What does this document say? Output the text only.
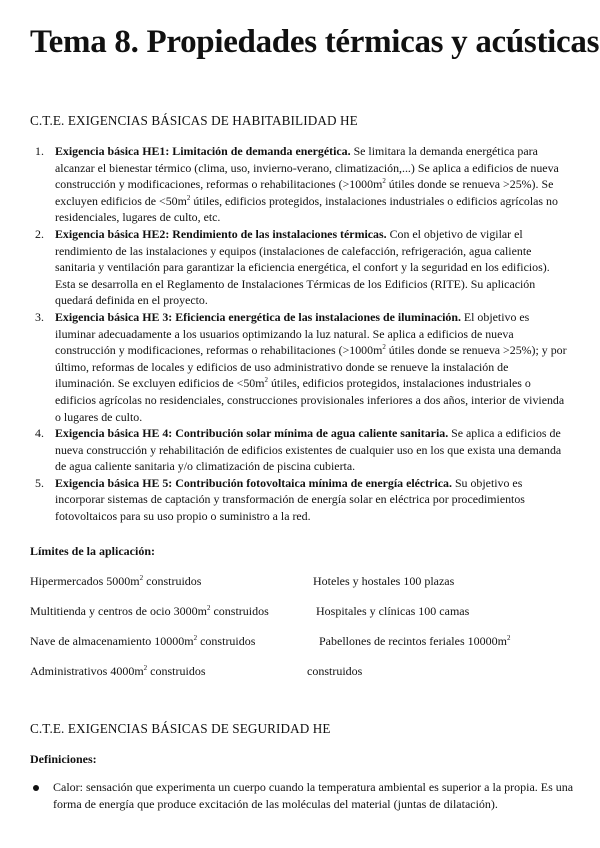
Tema 8. Propiedades térmicas y acústicas

C.T.E. EXIGENCIAS BÁSICAS DE HABITABILIDAD HE

1. Exigencia básica HE1: Limitación de demanda energética. Se limitara la demanda energética para alcanzar el bienestar térmico (clima, uso, invierno-verano, climatización,...) Se aplica a edificios de nueva construcción y modificaciones, reformas o rehabilitaciones ($>1000m^2$ útiles donde se renueva >25%). Se excluyen edificios de $<50m^2$ útiles, edificios protegidos, instalaciones industriales o edificios agrícolas no residenciales, lugares de culto, etc.
2. Exigencia básica HE2: Rendimiento de las instalaciones térmicas. Con el objetivo de vigilar el rendimiento de las instalaciones y equipos (instalaciones de calefacción, refrigeración, agua caliente sanitaria y ventilación para garantizar la eficiencia energética, el confort y la seguridad en los edificios). Esta se desarrolla en el Reglamento de Instalaciones Térmicas de los Edificios (RITE). Su aplicación quedará definida en el proyecto.
3. Exigencia básica HE 3: Eficiencia energética de las instalaciones de iluminación. El objetivo es iluminar adecuadamente a los usuarios optimizando la luz natural. Se aplica a edificios de nueva construcción y modificaciones, reformas o rehabilitaciones ($>1000m^2$ útiles donde se renueva >25%); y por último, reformas de locales y edificios de uso administrativo donde se renueve la instalación de iluminación. Se excluyen edificios de $<50m^2$ útiles, edificios protegidos, instalaciones industriales o edificios agrícolas no residenciales, construcciones provisionales inferiores a dos años, interior de vivienda o lugares de culto.
4. Exigencia básica HE 4: Contribución solar mínima de agua caliente sanitaria. Se aplica a edificios de nueva construcción y rehabilitación de edificios existentes de cualquier uso en los que exista una demanda de agua caliente sanitaria y/o climatización de piscina cubierta.
5. Exigencia básica HE 5: Contribución fotovoltaica mínima de energía eléctrica. Su objetivo es incorporar sistemas de captación y transformación de energía solar en eléctrica por procedimientos fotovoltaicos para su uso propio o suministro a la red.

Límites de la aplicación:

Hipermercados $5000m^2$ construidos
Multitienda y centros de ocio $3000m^2$ construidos
Nave de almacenamiento $10000m^2$ construidos
Administrativos $4000m^2$ construidos
Hoteles y hostales 100 plazas
Hospitales y clínicas 100 camas
Pabellones de recintos feriales $10000m^2$
construidos

C.T.E. EXIGENCIAS BÁSICAS DE SEGURIDAD HE

Definiciones:

Calor: sensación que experimenta un cuerpo cuando la temperatura ambiental es superior a la propia. Es una forma de energía que produce excitación de las moléculas del material (juntas de dilatación).
